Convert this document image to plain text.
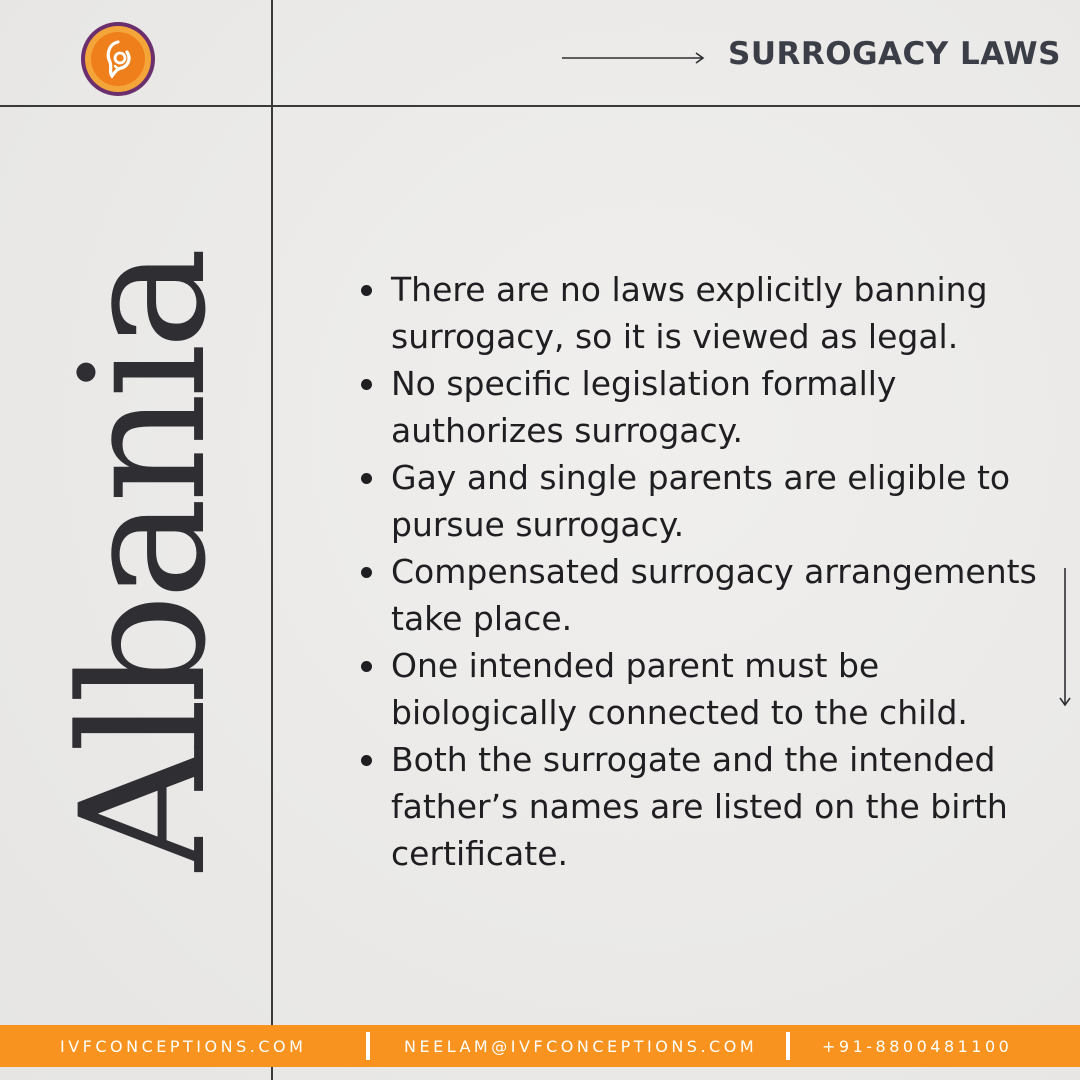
SURROGACY LAWS
Albania	There are no laws explicitly banning surrogacy, so it is viewed as legal.
No specific legislation formally authorizes surrogacy.
Gay and single parents are eligible to pursue surrogacy.
Compensated surrogacy arrangements take place.
One intended parent must be biologically connected to the child.
Both the surrogate and the intended father’s names are listed on the birth certificate.
IVFCONCEPTIONS.COM	NEELAM@IVFCONCEPTIONS.COM	+91-8800481100
